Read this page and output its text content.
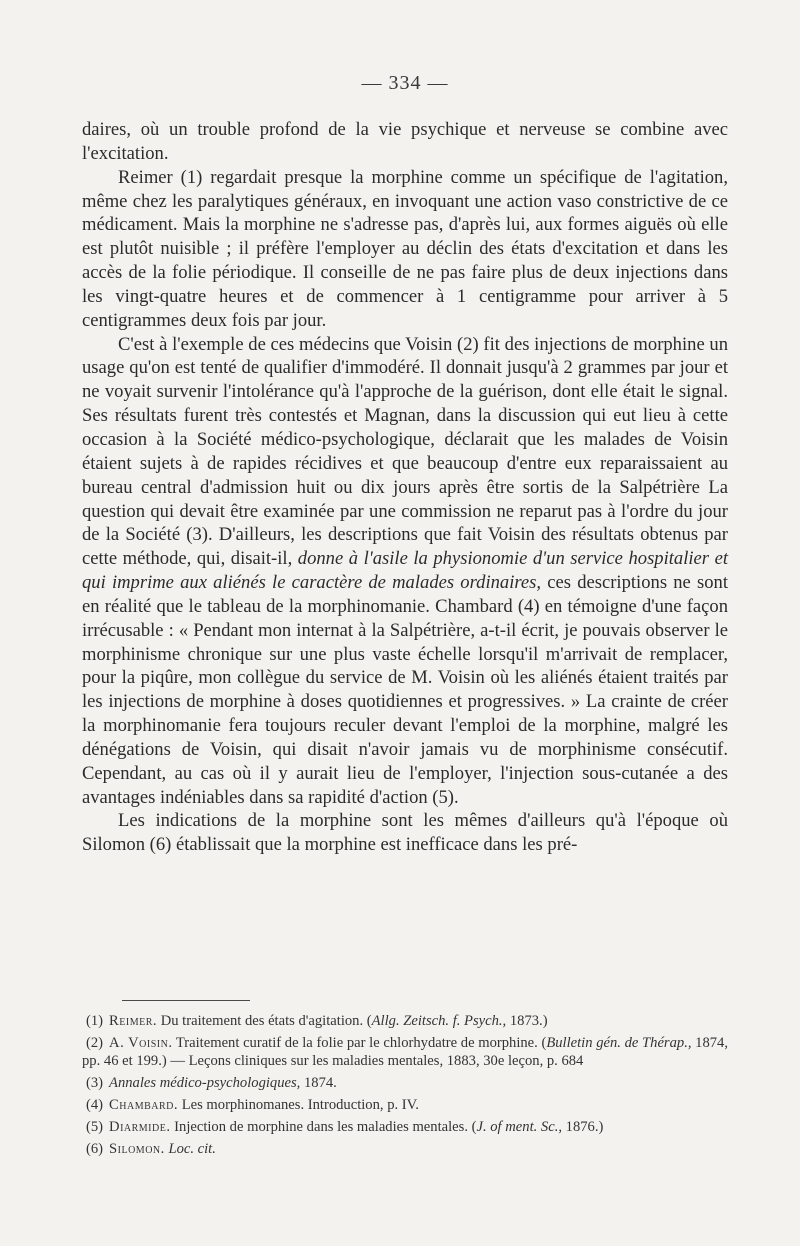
— 334 —

daires, où un trouble profond de la vie psychique et nerveuse se combine avec l'excitation.

Reimer (1) regardait presque la morphine comme un spécifique de l'agitation, même chez les paralytiques généraux, en invoquant une action vaso constrictive de ce médicament. Mais la morphine ne s'adresse pas, d'après lui, aux formes aiguës où elle est plutôt nuisible ; il préfère l'employer au déclin des états d'excitation et dans les accès de la folie périodique. Il conseille de ne pas faire plus de deux injections dans les vingt-quatre heures et de commencer à 1 centigramme pour arriver à 5 centigrammes deux fois par jour.

C'est à l'exemple de ces médecins que Voisin (2) fit des injections de morphine un usage qu'on est tenté de qualifier d'immodéré. Il donnait jusqu'à 2 grammes par jour et ne voyait survenir l'intolérance qu'à l'approche de la guérison, dont elle était le signal. Ses résultats furent très contestés et Magnan, dans la discussion qui eut lieu à cette occasion à la Société médico-psychologique, déclarait que les malades de Voisin étaient sujets à de rapides récidives et que beaucoup d'entre eux reparaissaient au bureau central d'admission huit ou dix jours après être sortis de la Salpétrière La question qui devait être examinée par une commission ne reparut pas à l'ordre du jour de la Société (3). D'ailleurs, les descriptions que fait Voisin des résultats obtenus par cette méthode, qui, disait-il, donne à l'asile la physionomie d'un service hospitalier et qui imprime aux aliénés le caractère de malades ordinaires, ces descriptions ne sont en réalité que le tableau de la morphinomanie. Chambard (4) en témoigne d'une façon irrécusable : « Pendant mon internat à la Salpétrière, a-t-il écrit, je pouvais observer le morphinisme chronique sur une plus vaste échelle lorsqu'il m'arrivait de remplacer, pour la piqûre, mon collègue du service de M. Voisin où les aliénés étaient traités par les injections de morphine à doses quotidiennes et progressives. » La crainte de créer la morphinomanie fera toujours reculer devant l'emploi de la morphine, malgré les dénégations de Voisin, qui disait n'avoir jamais vu de morphinisme consécutif. Cependant, au cas où il y aurait lieu de l'employer, l'injection sous-cutanée a des avantages indéniables dans sa rapidité d'action (5).

Les indications de la morphine sont les mêmes d'ailleurs qu'à l'époque où Silomon (6) établissait que la morphine est inefficace dans les pré-

(1) Reimer. Du traitement des états d'agitation. (Allg. Zeitsch. f. Psych., 1873.)
(2) A. Voisin. Traitement curatif de la folie par le chlorhydatre de morphine. (Bulletin gén. de Thérap., 1874, pp. 46 et 199.) — Leçons cliniques sur les maladies mentales, 1883, 30e leçon, p. 684
(3) Annales médico-psychologiques, 1874.
(4) Chambard. Les morphinomanes. Introduction, p. IV.
(5) Diarmide. Injection de morphine dans les maladies mentales. (J. of ment. Sc., 1876.)
(6) Silomon. Loc. cit.
